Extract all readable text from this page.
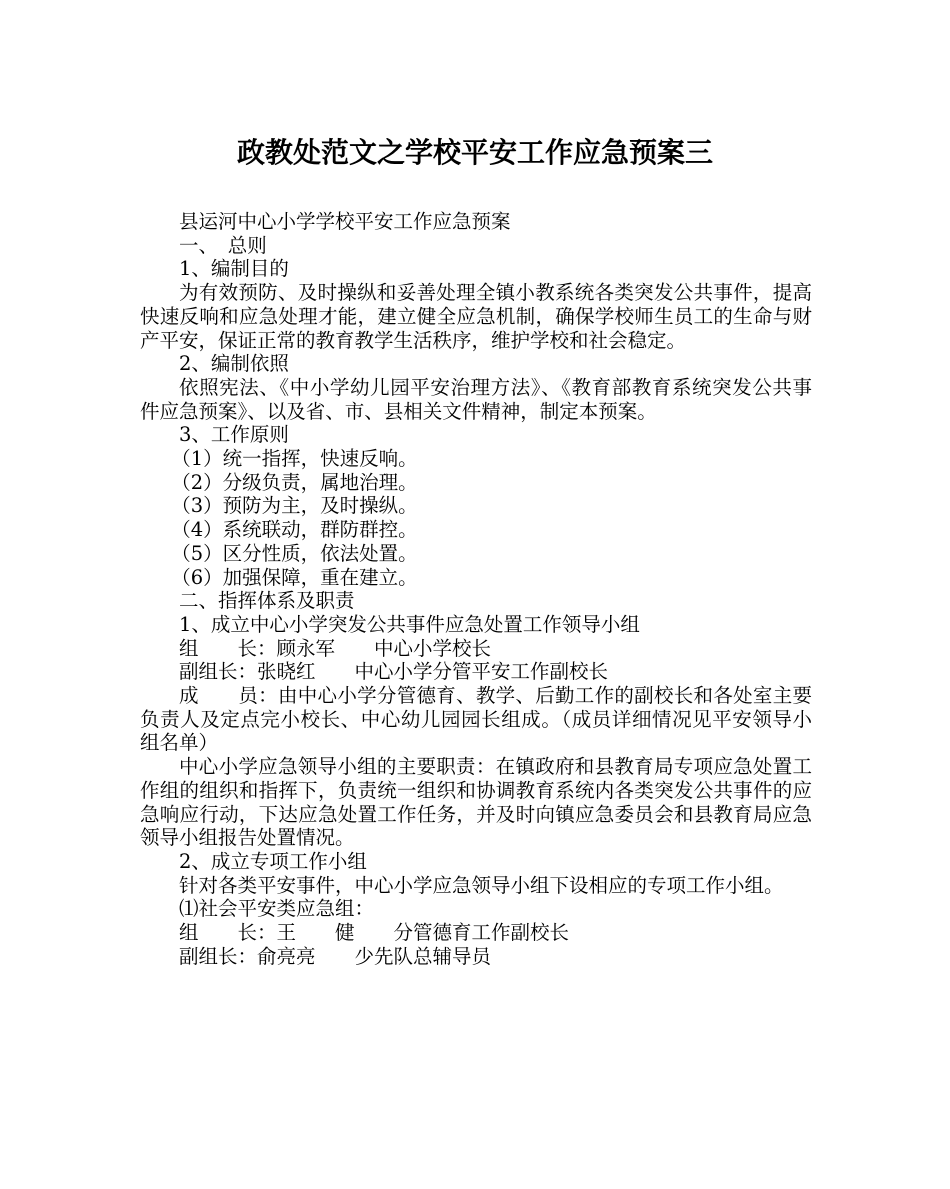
政教处范文之学校平安工作应急预案三

县运河中心小学学校平安工作应急预案

一、　总则

1、编制目的

为有效预防、及时操纵和妥善处理全镇小教系统各类突发公共事件，提高快速反响和应急处理才能，建立健全应急机制，确保学校师生员工的生命与财产平安，保证正常的教育教学生活秩序，维护学校和社会稳定。

2、编制依照

依照宪法、《中小学幼儿园平安治理方法》、《教育部教育系统突发公共事件应急预案》、以及省、市、县相关文件精神，制定本预案。

3、工作原则

（1）统一指挥，快速反响。

（2）分级负责，属地治理。

（3）预防为主，及时操纵。

（4）系统联动，群防群控。

（5）区分性质，依法处置。

（6）加强保障，重在建立。

二、指挥体系及职责

1、成立中心小学突发公共事件应急处置工作领导小组

组　　长：顾永军　　中心小学校长

副组长：张晓红　　中心小学分管平安工作副校长

成　　员：由中心小学分管德育、教学、后勤工作的副校长和各处室主要负责人及定点完小校长、中心幼儿园园长组成。（成员详细情况见平安领导小组名单）

中心小学应急领导小组的主要职责：在镇政府和县教育局专项应急处置工作组的组织和指挥下，负责统一组织和协调教育系统内各类突发公共事件的应急响应行动，下达应急处置工作任务，并及时向镇应急委员会和县教育局应急领导小组报告处置情况。

2、成立专项工作小组

针对各类平安事件，中心小学应急领导小组下设相应的专项工作小组。

⑴社会平安类应急组：

组　　长：王　　健　　分管德育工作副校长

副组长：俞亮亮　　少先队总辅导员
